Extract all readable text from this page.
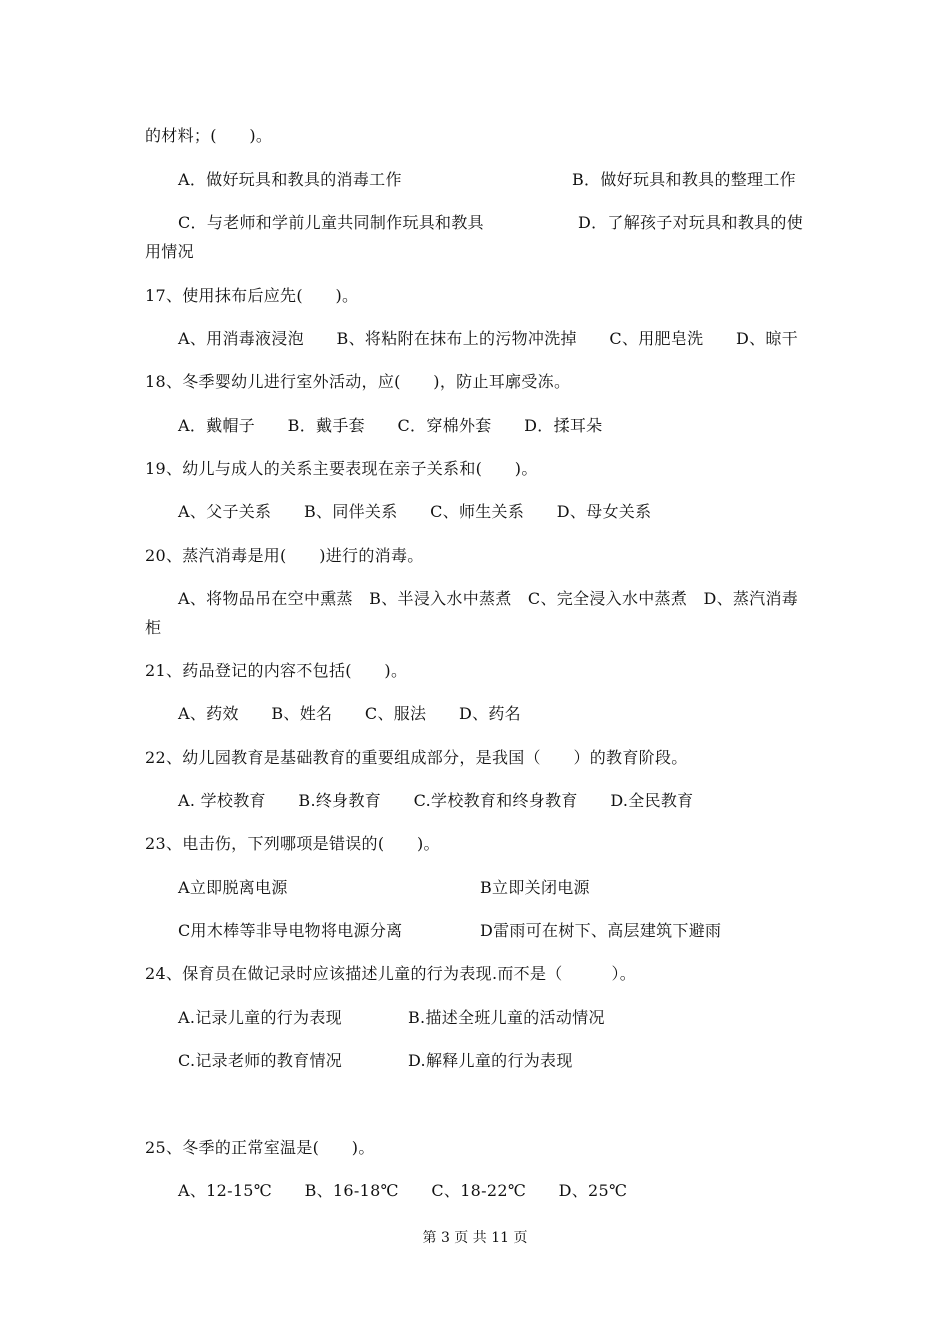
的材料；(　　)。
A．做好玩具和教具的消毒工作	B．做好玩具和教具的整理工作
C．与老师和学前儿童共同制作玩具和教具	D．了解孩子对玩具和教具的使
用情况
17、使用抹布后应先(　　)。
A、用消毒液浸泡　　B、将粘附在抹布上的污物冲洗掉　　C、用肥皂洗　　D、晾干
18、冬季婴幼儿进行室外活动，应(　　)，防止耳廓受冻。
A．戴帽子　　B．戴手套　　C．穿棉外套　　D．揉耳朵
19、幼儿与成人的关系主要表现在亲子关系和(　　)。
A、父子关系　　B、同伴关系　　C、师生关系　　D、母女关系
20、蒸汽消毒是用(　　)进行的消毒。
A、将物品吊在空中熏蒸　B、半浸入水中蒸煮　C、完全浸入水中蒸煮　D、蒸汽消毒
柜
21、药品登记的内容不包括(　　)。
A、药效　　B、姓名　　C、服法　　D、药名
22、幼儿园教育是基础教育的重要组成部分，是我国（　　）的教育阶段。
A. 学校教育　　B.终身教育　　C.学校教育和终身教育　　D.全民教育
23、电击伤，下列哪项是错误的(　　)。
A立即脱离电源	B立即关闭电源
C用木棒等非导电物将电源分离	D雷雨可在树下、高层建筑下避雨
24、保育员在做记录时应该描述儿童的行为表现.而不是（　　　）。
A.记录儿童的行为表现	B.描述全班儿童的活动情况
C.记录老师的教育情况	D.解释儿童的行为表现
25、冬季的正常室温是(　　)。
A、12-15℃　　B、16-18℃　　C、18-22℃　　D、25℃
第 3 页 共 11 页
